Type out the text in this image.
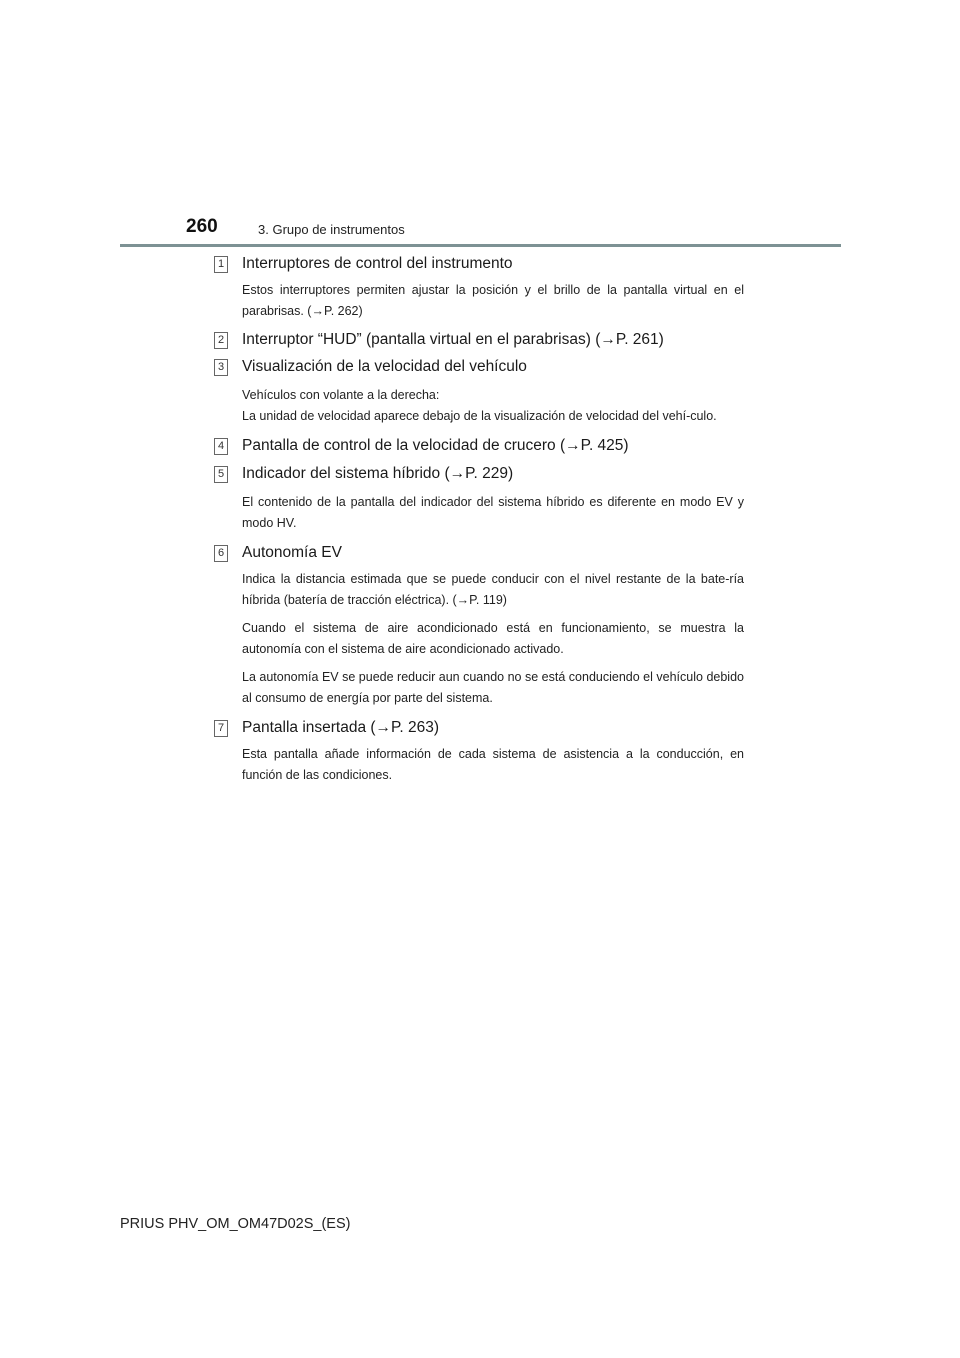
260	3. Grupo de instrumentos
1 Interruptores de control del instrumento

Estos interruptores permiten ajustar la posición y el brillo de la pantalla virtual en el parabrisas. (→P. 262)

2 Interruptor “HUD” (pantalla virtual en el parabrisas) (→P. 261)
3 Visualización de la velocidad del vehículo

Vehículos con volante a la derecha:

La unidad de velocidad aparece debajo de la visualización de velocidad del vehí-culo.

4 Pantalla de control de la velocidad de crucero (→P. 425)
5 Indicador del sistema híbrido (→P. 229)

El contenido de la pantalla del indicador del sistema híbrido es diferente en modo EV y modo HV.

6 Autonomía EV

Indica la distancia estimada que se puede conducir con el nivel restante de la bate-ría híbrida (batería de tracción eléctrica). (→P. 119)

Cuando el sistema de aire acondicionado está en funcionamiento, se muestra la autonomía con el sistema de aire acondicionado activado.

La autonomía EV se puede reducir aun cuando no se está conduciendo el vehículo debido al consumo de energía por parte del sistema.

7 Pantalla insertada (→P. 263)

Esta pantalla añade información de cada sistema de asistencia a la conducción, en función de las condiciones.

PRIUS PHV_OM_OM47D02S_(ES)
